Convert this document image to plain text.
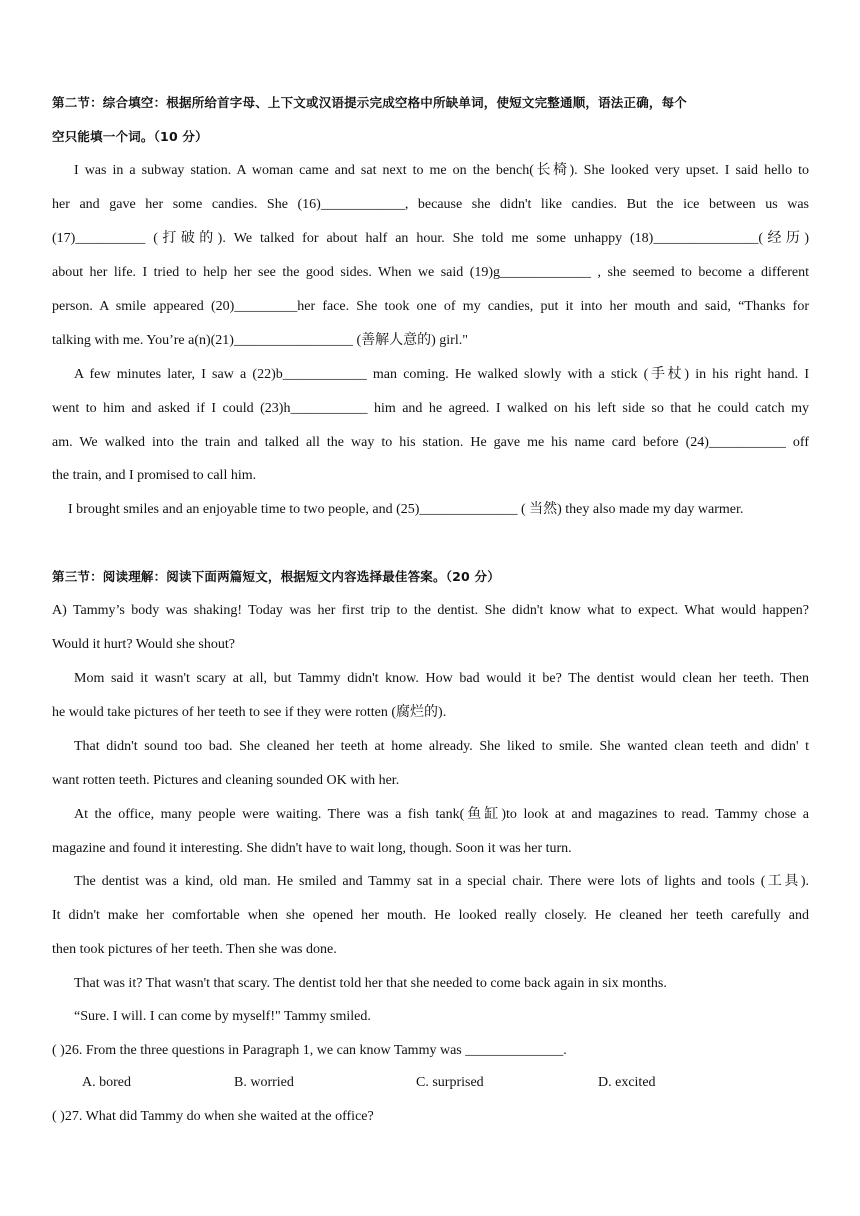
第二节：综合填空：根据所给首字母、上下文或汉语提示完成空格中所缺单词，使短文完整通顺，语法正确，每个
空只能填一个词。（10 分）
I was in a subway station. A woman came and sat next to me on the bench(长椅). She looked very upset. I said hello to
her and gave her some candies. She (16)____________, because she didn't like candies. But the ice between us was
(17)__________ (打破的). We talked for about half an hour. She told me some unhappy (18)_______________(经历)
about her life. I tried to help her see the good sides. When we said (19)g_____________ , she seemed to become a different
person. A smile appeared (20)_________her face. She took one of my candies, put it into her mouth and said, “Thanks for
talking with me. You’re a(n)(21)_________________ (善解人意的) girl."
A few minutes later, I saw a (22)b____________ man coming. He walked slowly with a stick (手杖) in his right hand. I
went to him and asked if I could (23)h___________ him and he agreed. I walked on his left side so that he could catch my
am. We walked into the train and talked all the way to his station. He gave me his name card before (24)___________ off
the train, and I promised to call him.
I brought smiles and an enjoyable time to two people, and (25)______________ ( 当然) they also made my day warmer.
第三节：阅读理解：阅读下面两篇短文，根据短文内容选择最佳答案。（20 分）
A) Tammy’s body was shaking! Today was her first trip to the dentist. She didn't know what to expect. What would happen?
Would it hurt? Would she shout?
Mom said it wasn't scary at all, but Tammy didn't know. How bad would it be? The dentist would clean her teeth. Then
he would take pictures of her teeth to see if they were rotten (腐烂的).
That didn't sound too bad. She cleaned her teeth at home already. She liked to smile. She wanted clean teeth and didn' t
want rotten teeth. Pictures and cleaning sounded OK with her.
At the office, many people were waiting. There was a fish tank(鱼缸)to look at and magazines to read. Tammy chose a
magazine and found it interesting. She didn't have to wait long, though. Soon it was her turn.
The dentist was a kind, old man. He smiled and Tammy sat in a special chair. There were lots of lights and tools (工具).
It didn't make her comfortable when she opened her mouth. He looked really closely. He cleaned her teeth carefully and
then took pictures of her teeth. Then she was done.
That was it? That wasn't that scary. The dentist told her that she needed to come back again in six months.
“Sure. I will. I can come by myself!" Tammy smiled.
( )26. From the three questions in Paragraph 1, we can know Tammy was ______________.
A. bored	B. worried	C. surprised	D. excited
( )27. What did Tammy do when she waited at the office?
